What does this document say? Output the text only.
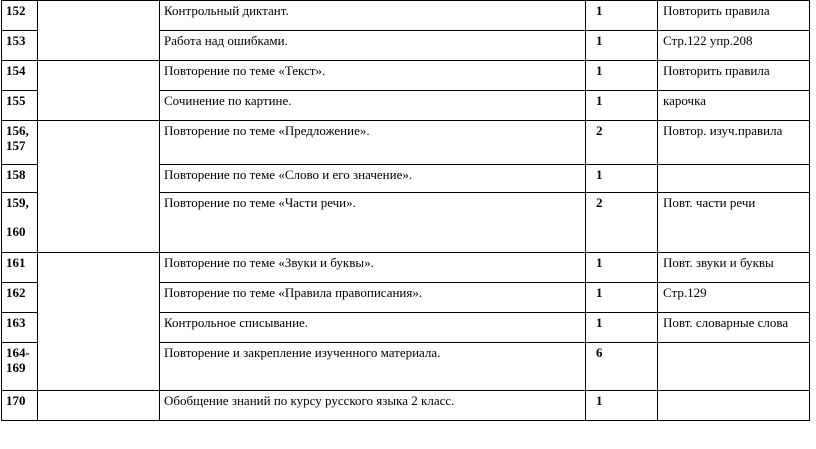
152		Контрольный диктант.	1	Повторить правила
153		Работа над ошибками.	1	Стр.122 упр.208
154		Повторение по теме «Текст».	1	Повторить правила
155		Сочинение по картине.	1	карочка
156,
157		Повторение по теме «Предложение».	2	Повтор. изуч.правила
158		Повторение по теме «Слово и его значение».	1	
159,
160		Повторение по теме «Части речи».	2	Повт. части речи
161		Повторение по теме «Звуки и буквы».	1	Повт. звуки и буквы
162		Повторение по теме «Правила правописания».	1	Стр.129
163		Контрольное списывание.	1	Повт. словарные слова
164-
169		Повторение и закрепление изученного материала.	6	
170		Обобщение знаний по курсу русского языка 2 класс.	1	
